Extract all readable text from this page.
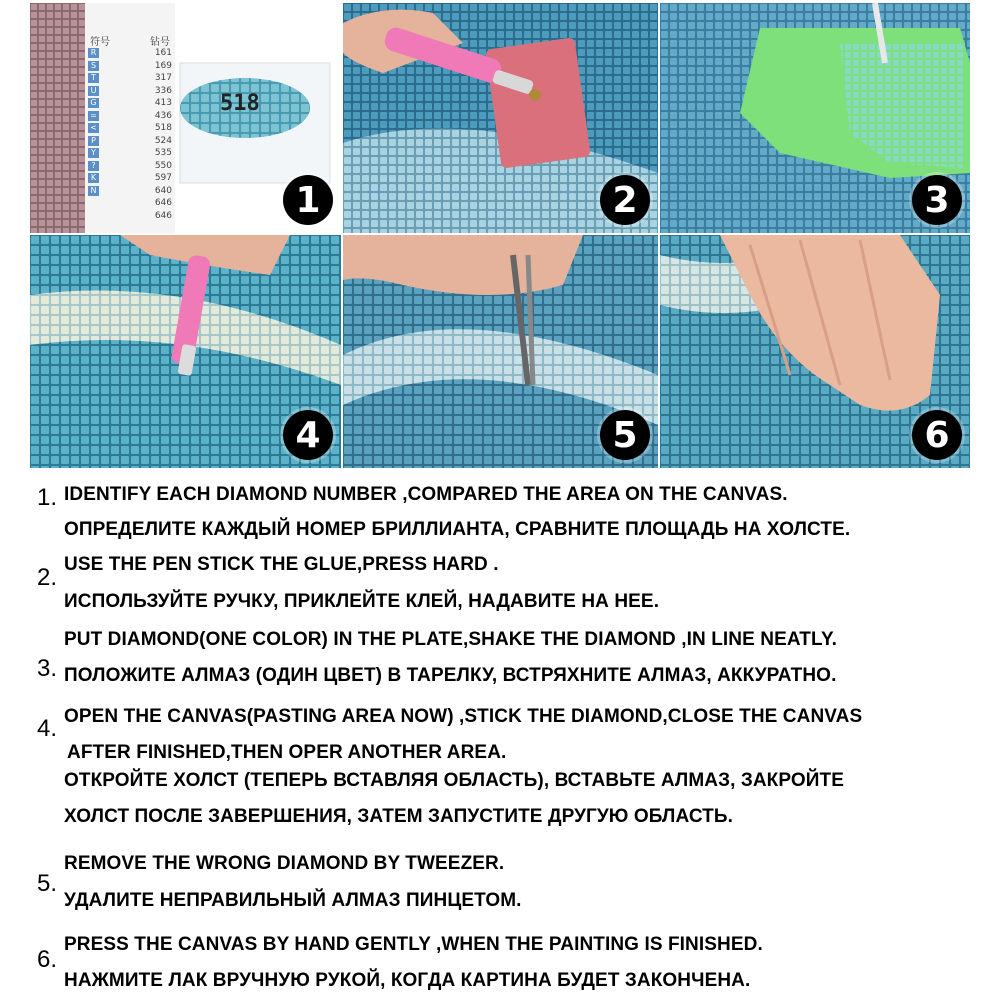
符号	钻号
R	161
S	169
T	317
U	336
G	413
=	436
<	518
P	524
Y	535
?	550
K	597
N	640
646
646
518
1	2	3
4	5	6
1. IDENTIFY EACH DIAMOND NUMBER ,COMPARED THE AREA ON THE CANVAS.
ОПРЕДЕЛИТЕ КАЖДЫЙ НОМЕР БРИЛЛИАНТА, СРАВНИТЕ ПЛОЩАДЬ НА ХОЛСТЕ.
2. USE THE PEN STICK THE GLUE,PRESS HARD .
ИСПОЛЬЗУЙТЕ РУЧКУ, ПРИКЛЕЙТЕ КЛЕЙ, НАДАВИТЕ НА НЕЕ.
3.
PUT DIAMOND(ONE COLOR) IN THE PLATE,SHAKE THE DIAMOND ,IN LINE NEATLY.
ПОЛОЖИТЕ АЛМАЗ (ОДИН ЦВЕТ) В ТАРЕЛКУ, ВСТРЯХНИТЕ АЛМАЗ, АККУРАТНО.
4. OPEN THE CANVAS(PASTING AREA NOW) ,STICK THE DIAMOND,CLOSE THE CANVAS
AFTER FINISHED,THEN OPER ANOTHER AREA.
ОТКРОЙТЕ ХОЛСТ (ТЕПЕРЬ ВСТАВЛЯЯ ОБЛАСТЬ), ВСТАВЬТЕ АЛМАЗ, ЗАКРОЙТЕ
ХОЛСТ ПОСЛЕ ЗАВЕРШЕНИЯ, ЗАТЕМ ЗАПУСТИТЕ ДРУГУЮ ОБЛАСТЬ.
5.
REMOVE THE WRONG DIAMOND BY TWEEZER.
УДАЛИТЕ НЕПРАВИЛЬНЫЙ АЛМАЗ ПИНЦЕТОМ.
6.
PRESS THE CANVAS BY HAND GENTLY ,WHEN THE PAINTING IS FINISHED.
НАЖМИТЕ ЛАК ВРУЧНУЮ РУКОЙ, КОГДА КАРТИНА БУДЕТ ЗАКОНЧЕНА.
